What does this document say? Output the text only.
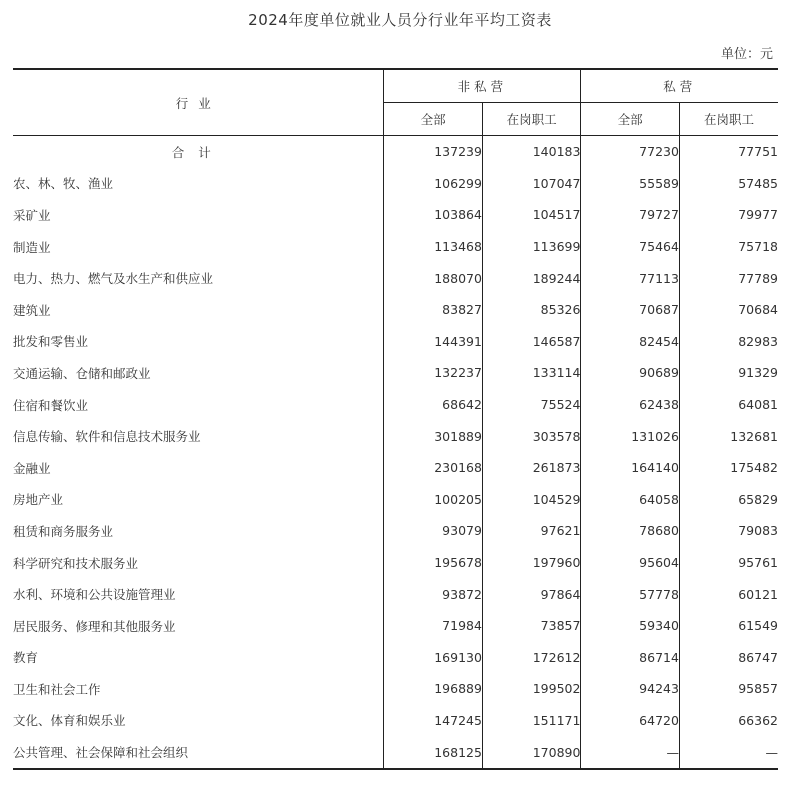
2024年度单位就业人员分行业年平均工资表
单位：元
行业	非私营		私营	
	全部	在岗职工	全部	在岗职工
合计	137239	140183	77230	77751
农、林、牧、渔业	106299	107047	55589	57485
采矿业	103864	104517	79727	79977
制造业	113468	113699	75464	75718
电力、热力、燃气及水生产和供应业	188070	189244	77113	77789
建筑业	83827	85326	70687	70684
批发和零售业	144391	146587	82454	82983
交通运输、仓储和邮政业	132237	133114	90689	91329
住宿和餐饮业	68642	75524	62438	64081
信息传输、软件和信息技术服务业	301889	303578	131026	132681
金融业	230168	261873	164140	175482
房地产业	100205	104529	64058	65829
租赁和商务服务业	93079	97621	78680	79083
科学研究和技术服务业	195678	197960	95604	95761
水利、环境和公共设施管理业	93872	97864	57778	60121
居民服务、修理和其他服务业	71984	73857	59340	61549
教育	169130	172612	86714	86747
卫生和社会工作	196889	199502	94243	95857
文化、体育和娱乐业	147245	151171	64720	66362
公共管理、社会保障和社会组织	168125	170890	—	—
